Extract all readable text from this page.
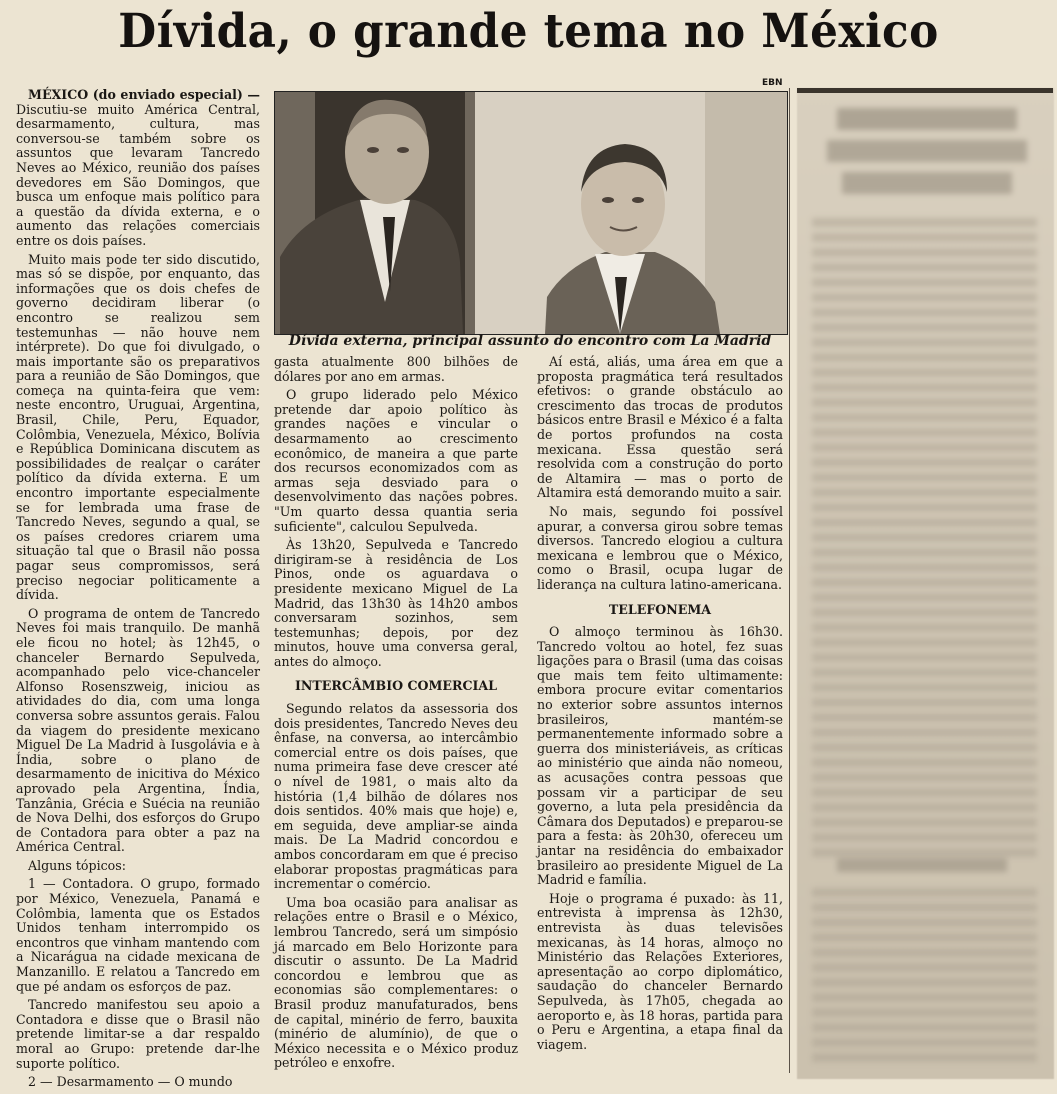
Dívida, o grande tema no México
EBN
Dívida externa, principal assunto do encontro com La Madrid

MÉXICO (do enviado especial) — Discutiu-se muito América Central, desarmamento, cultura, mas conversou-se também sobre os assuntos que levaram Tancredo Neves ao México, reunião dos países devedores em São Domingos, que busca um enfoque mais político para a questão da dívida externa, e o aumento das relações comerciais entre os dois países.

Muito mais pode ter sido discutido, mas só se dispõe, por enquanto, das informações que os dois chefes de governo decidiram liberar (o encontro se realizou sem testemunhas — não houve nem intérprete). Do que foi divulgado, o mais importante são os preparativos para a reunião de São Domingos, que começa na quinta-feira que vem: neste encontro, Uruguai, Argentina, Brasil, Chile, Peru, Equador, Colômbia, Venezuela, México, Bolívia e República Dominicana discutem as possibilidades de realçar o caráter político da dívida externa. E um encontro importante especialmente se for lembrada uma frase de Tancredo Neves, segundo a qual, se os países credores criarem uma situação tal que o Brasil não possa pagar seus compromissos, será preciso negociar politicamente a dívida.

O programa de ontem de Tancredo Neves foi mais tranquilo. De manhã ele ficou no hotel; às 12h45, o chanceler Bernardo Sepulveda, acompanhado pelo vice-chanceler Alfonso Rosenszweig, iniciou as atividades do dia, com uma longa conversa sobre assuntos gerais. Falou da viagem do presidente mexicano Miguel De La Madrid à Iusgolávia e à Índia, sobre o plano de desarmamento de inicitiva do México aprovado pela Argentina, Índia, Tanzânia, Grécia e Suécia na reunião de Nova Delhi, dos esforços do Grupo de Contadora para obter a paz na América Central.

Alguns tópicos:

1 — Contadora. O grupo, formado por México, Venezuela, Panamá e Colômbia, lamenta que os Estados Unidos tenham interrompido os encontros que vinham mantendo com a Nicarágua na cidade mexicana de Manzanillo. E relatou a Tancredo em que pé andam os esforços de paz.

Tancredo manifestou seu apoio a Contadora e disse que o Brasil não pretende limitar-se a dar respaldo moral ao Grupo: pretende dar-lhe suporte político.

2 — Desarmamento — O mundo

gasta atualmente 800 bilhões de dólares por ano em armas.

O grupo liderado pelo México pretende dar apoio político às grandes nações e vincular o desarmamento ao crescimento econômico, de maneira a que parte dos recursos economizados com as armas seja desviado para o desenvolvimento das nações pobres. "Um quarto dessa quantia seria suficiente", calculou Sepulveda.

Às 13h20, Sepulveda e Tancredo dirigiram-se à residência de Los Pinos, onde os aguardava o presidente mexicano Miguel de La Madrid, das 13h30 às 14h20 ambos conversaram sozinhos, sem testemunhas; depois, por dez minutos, houve uma conversa geral, antes do almoço.

INTERCÂMBIO COMERCIAL

Segundo relatos da assessoria dos dois presidentes, Tancredo Neves deu ênfase, na conversa, ao intercâmbio comercial entre os dois países, que numa primeira fase deve crescer até o nível de 1981, o mais alto da história (1,4 bilhão de dólares nos dois sentidos. 40% mais que hoje) e, em seguida, deve ampliar-se ainda mais. De La Madrid concordou e ambos concordaram em que é preciso elaborar propostas pragmáticas para incrementar o comércio.

Uma boa ocasião para analisar as relações entre o Brasil e o México, lembrou Tancredo, será um simpósio já marcado em Belo Horizonte para discutir o assunto. De La Madrid concordou e lembrou que as economias são complementares: o Brasil produz manufaturados, bens de capital, minério de ferro, bauxita (minério de alumínio), de que o México necessita e o México produz petróleo e enxofre.

Aí está, aliás, uma área em que a proposta pragmática terá resultados efetivos: o grande obstáculo ao crescimento das trocas de produtos básicos entre Brasil e México é a falta de portos profundos na costa mexicana. Essa questão será resolvida com a construção do porto de Altamira — mas o porto de Altamira está demorando muito a sair.

No mais, segundo foi possível apurar, a conversa girou sobre temas diversos. Tancredo elogiou a cultura mexicana e lembrou que o México, como o Brasil, ocupa lugar de liderança na cultura latino-americana.

TELEFONEMA

O almoço terminou às 16h30. Tancredo voltou ao hotel, fez suas ligações para o Brasil (uma das coisas que mais tem feito ultimamente: embora procure evitar comentarios no exterior sobre assuntos internos brasileiros, mantém-se permanentemente informado sobre a guerra dos ministeriáveis, as críticas ao ministério que ainda não nomeou, as acusações contra pessoas que possam vir a participar de seu governo, a luta pela presidência da Câmara dos Deputados) e preparou-se para a festa: às 20h30, ofereceu um jantar na residência do embaixador brasileiro ao presidente Miguel de La Madrid e família.

Hoje o programa é puxado: às 11, entrevista à imprensa às 12h30, entrevista às duas televisões mexicanas, às 14 horas, almoço no Ministério das Relações Exteriores, apresentação ao corpo diplomático, saudação do chanceler Bernardo Sepulveda, às 17h05, chegada ao aeroporto e, às 18 horas, partida para o Peru e Argentina, a etapa final da viagem.
